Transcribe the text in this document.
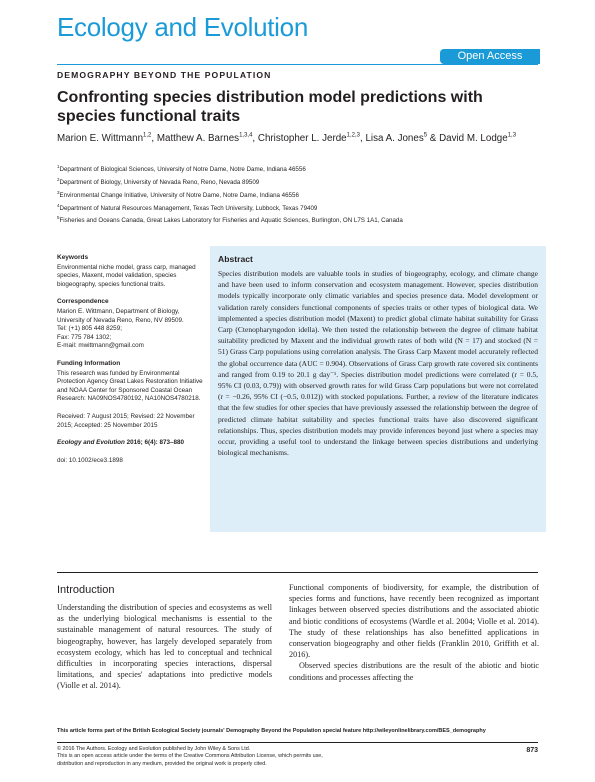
Ecology and Evolution
Open Access
DEMOGRAPHY BEYOND THE POPULATION
Confronting species distribution model predictions with species functional traits
Marion E. Wittmann$^{1,2}$, Matthew A. Barnes$^{1,3,4}$, Christopher L. Jerde$^{1,2,3}$, Lisa A. Jones$^5$ & David M. Lodge$^{1,3}$
$^1$Department of Biological Sciences, University of Notre Dame, Notre Dame, Indiana 46556
$^2$Department of Biology, University of Nevada Reno, Reno, Nevada 89509
$^3$Environmental Change Initiative, University of Notre Dame, Notre Dame, Indiana 46556
$^4$Department of Natural Resources Management, Texas Tech University, Lubbock, Texas 79409
$^5$Fisheries and Oceans Canada, Great Lakes Laboratory for Fisheries and Aquatic Sciences, Burlington, ON L7S 1A1, Canada
Keywords
Environmental niche model, grass carp, managed species, Maxent, model validation, species biogeography, species functional traits.
Correspondence
Marion E. Wittmann, Department of Biology,
University of Nevada Reno, Reno, NV 89509.
Tel: (+1) 805 448 8259;
Fax: 775 784 1302;
E-mail: mwittmann@gmail.com
Funding Information
This research was funded by Environmental Protection Agency Great Lakes Restoration Initiative and NOAA Center for Sponsored Coastal Ocean Research: NA09NOS4780192, NA10NOS4780218.
Received: 7 August 2015; Revised: 22 November 2015; Accepted: 25 November 2015
Ecology and Evolution 2016; 6(4): 873–880
doi: 10.1002/ece3.1898
Abstract
Species distribution models are valuable tools in studies of biogeography, ecology, and climate change and have been used to inform conservation and ecosystem management. However, species distribution models typically incorporate only climatic variables and species presence data. Model development or validation rarely considers functional components of species traits or other types of biological data. We implemented a species distribution model (Maxent) to predict global climate habitat suitability for Grass Carp (Ctenopharyngodon idella). We then tested the relationship between the degree of climate habitat suitability predicted by Maxent and the individual growth rates of both wild (N = 17) and stocked (N = 51) Grass Carp populations using correlation analysis. The Grass Carp Maxent model accurately reflected the global occurrence data (AUC = 0.904). Observations of Grass Carp growth rate covered six continents and ranged from 0.19 to 20.1 g day⁻¹. Species distribution model predictions were correlated (r = 0.5, 95% CI (0.03, 0.79)) with observed growth rates for wild Grass Carp populations but were not correlated (r = −0.26, 95% CI (−0.5, 0.012)) with stocked populations. Further, a review of the literature indicates that the few studies for other species that have previously assessed the relationship between the degree of predicted climate habitat suitability and species functional traits have also discovered significant relationships. Thus, species distribution models may provide inferences beyond just where a species may occur, providing a useful tool to understand the linkage between species distributions and underlying biological mechanisms.
Introduction
Understanding the distribution of species and ecosystems as well as the underlying biological mechanisms is essential to the sustainable management of natural resources. The study of biogeography, however, has largely developed separately from ecosystem ecology, which has led to conceptual and technical difficulties in incorporating species interactions, dispersal limitations, and species' adaptations into predictive models (Violle et al. 2014).

Functional components of biodiversity, for example, the distribution of species forms and functions, have recently been recognized as important linkages between observed species distributions and the associated abiotic and biotic conditions of ecosystems (Wardle et al. 2004; Violle et al. 2014). The study of these relationships has also benefitted applications in conservation biogeography and other fields (Franklin 2010, Griffith et al. 2016).

Observed species distributions are the result of the abiotic and biotic conditions and processes affecting the

This article forms part of the British Ecological Society journals' Demography Beyond the Population special feature http://wileyonlinelibrary.com/BES_demography
© 2016 The Authors. Ecology and Evolution published by John Wiley & Sons Ltd.
This is an open access article under the terms of the Creative Commons Attribution License, which permits use,
distribution and reproduction in any medium, provided the original work is properly cited.
873
